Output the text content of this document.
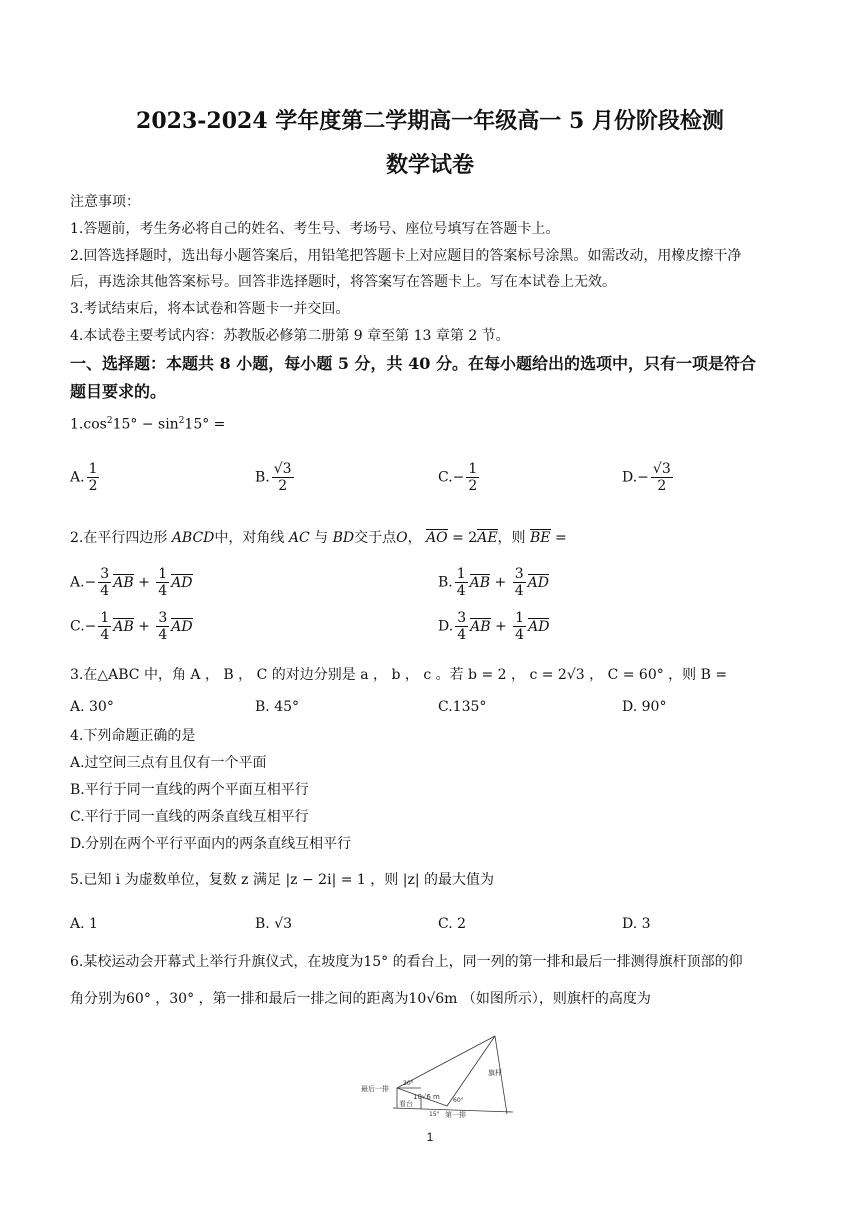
2023-2024 学年度第二学期高一年级高一 5 月份阶段检测
数学试卷
注意事项：
1.答题前，考生务必将自己的姓名、考生号、考场号、座位号填写在答题卡上。
2.回答选择题时，选出每小题答案后，用铅笔把答题卡上对应题目的答案标号涂黑。如需改动，用橡皮擦干净
后，再选涂其他答案标号。回答非选择题时，将答案写在答题卡上。写在本试卷上无效。
3.考试结束后，将本试卷和答题卡一并交回。
4.本试卷主要考试内容：苏教版必修第二册第 9 章至第 13 章第 2 节。
一、选择题：本题共 8 小题，每小题 5 分，共 40 分。在每小题给出的选项中，只有一项是符合
题目要求的。
$1.\cos^215^\circ - \sin^215^\circ$ =
A. $\frac{1}{2}$	B. $\frac{√3}{2}$	$C.- \frac{1}{2}$	$D.- \frac{√3}{2}$
2.在平行四边形 ABCD中，对角线 AC 与 BD交于点O， AO = 2AE，则 BE =
$A.- \frac{3}{4}$ AB + $\frac{1}{4}$ AD	B. $\frac{1}{4}$ AB + $\frac{3}{4}$ AD
$C.- \frac{1}{4}$ AB + $\frac{3}{4}$ AD	D. $\frac{3}{4}$ AB + $\frac{1}{4}$ AD
3.在△ABC 中，角 A ， B ， C 的对边分别是 a ， b ， c 。若 b = 2 ， c = 2√3 ， C = 60° ，则 B =
A. 30°	B. 45°	C.135°	D. 90°
4.下列命题正确的是
A.过空间三点有且仅有一个平面
B.平行于同一直线的两个平面互相平行
C.平行于同一直线的两条直线互相平行
D.分别在两个平行平面内的两条直线互相平行
5.已知 i 为虚数单位，复数 z 满足 |z − 2i| = 1 ，则 |z| 的最大值为
A. 1	B. √3	C. 2	D. 3
6.某校运动会开幕式上举行升旗仪式，在坡度为15° 的看台上，同一列的第一排和最后一排测得旗杆顶部的仰
角分别为60° ，30° ，第一排和最后一排之间的距离为10√6m （如图所示），则旗杆的高度为
最后一排
30°
10√6 m
看台	60°
15° 第一排
旗杆
1
